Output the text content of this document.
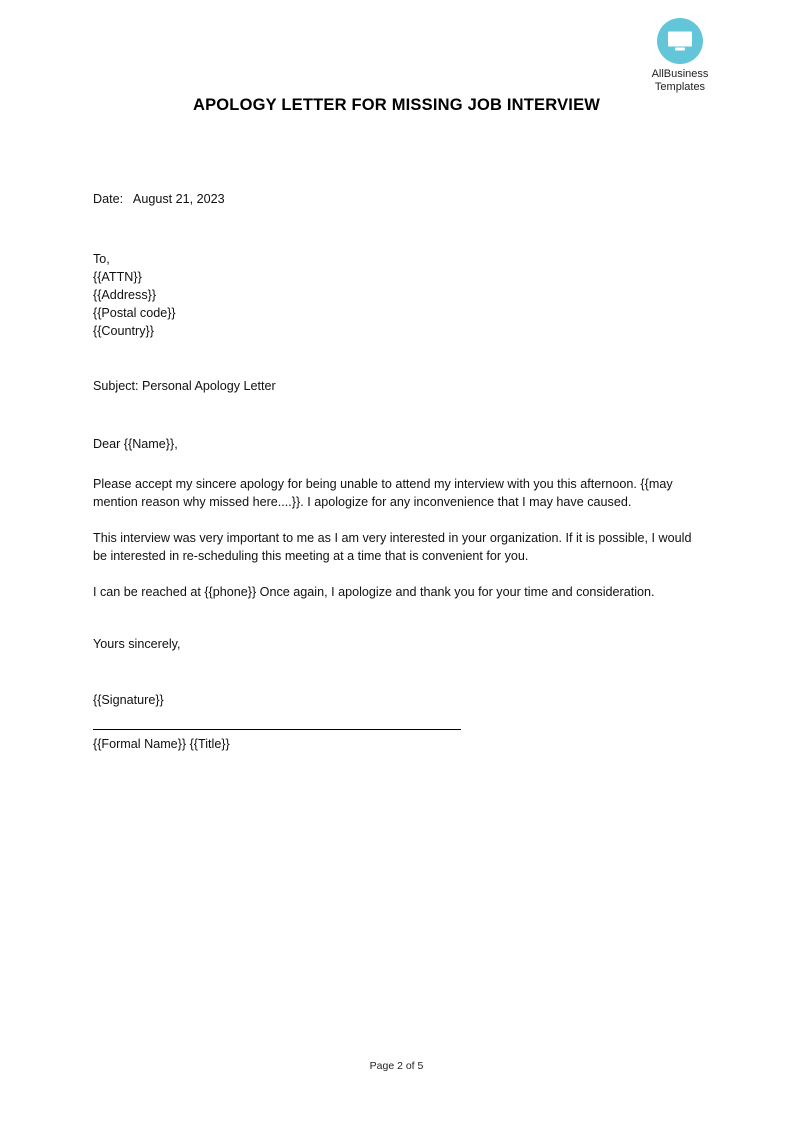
AllBusiness
Templates
APOLOGY LETTER FOR MISSING JOB INTERVIEW
Date: August 21, 2023
To,
{{ATTN}}
{{Address}}
{{Postal code}}
{{Country}}
Subject: Personal Apology Letter
Dear {{Name}},
Please accept my sincere apology for being unable to attend my interview with you this afternoon. {{may mention reason why missed here....}}. I apologize for any inconvenience that I may have caused.
This interview was very important to me as I am very interested in your organization. If it is possible, I would be interested in re-scheduling this meeting at a time that is convenient for you.
I can be reached at {{phone}} Once again, I apologize and thank you for your time and consideration.
Yours sincerely,
{{Signature}}
{{Formal Name}} {{Title}}
Page 2 of 5
